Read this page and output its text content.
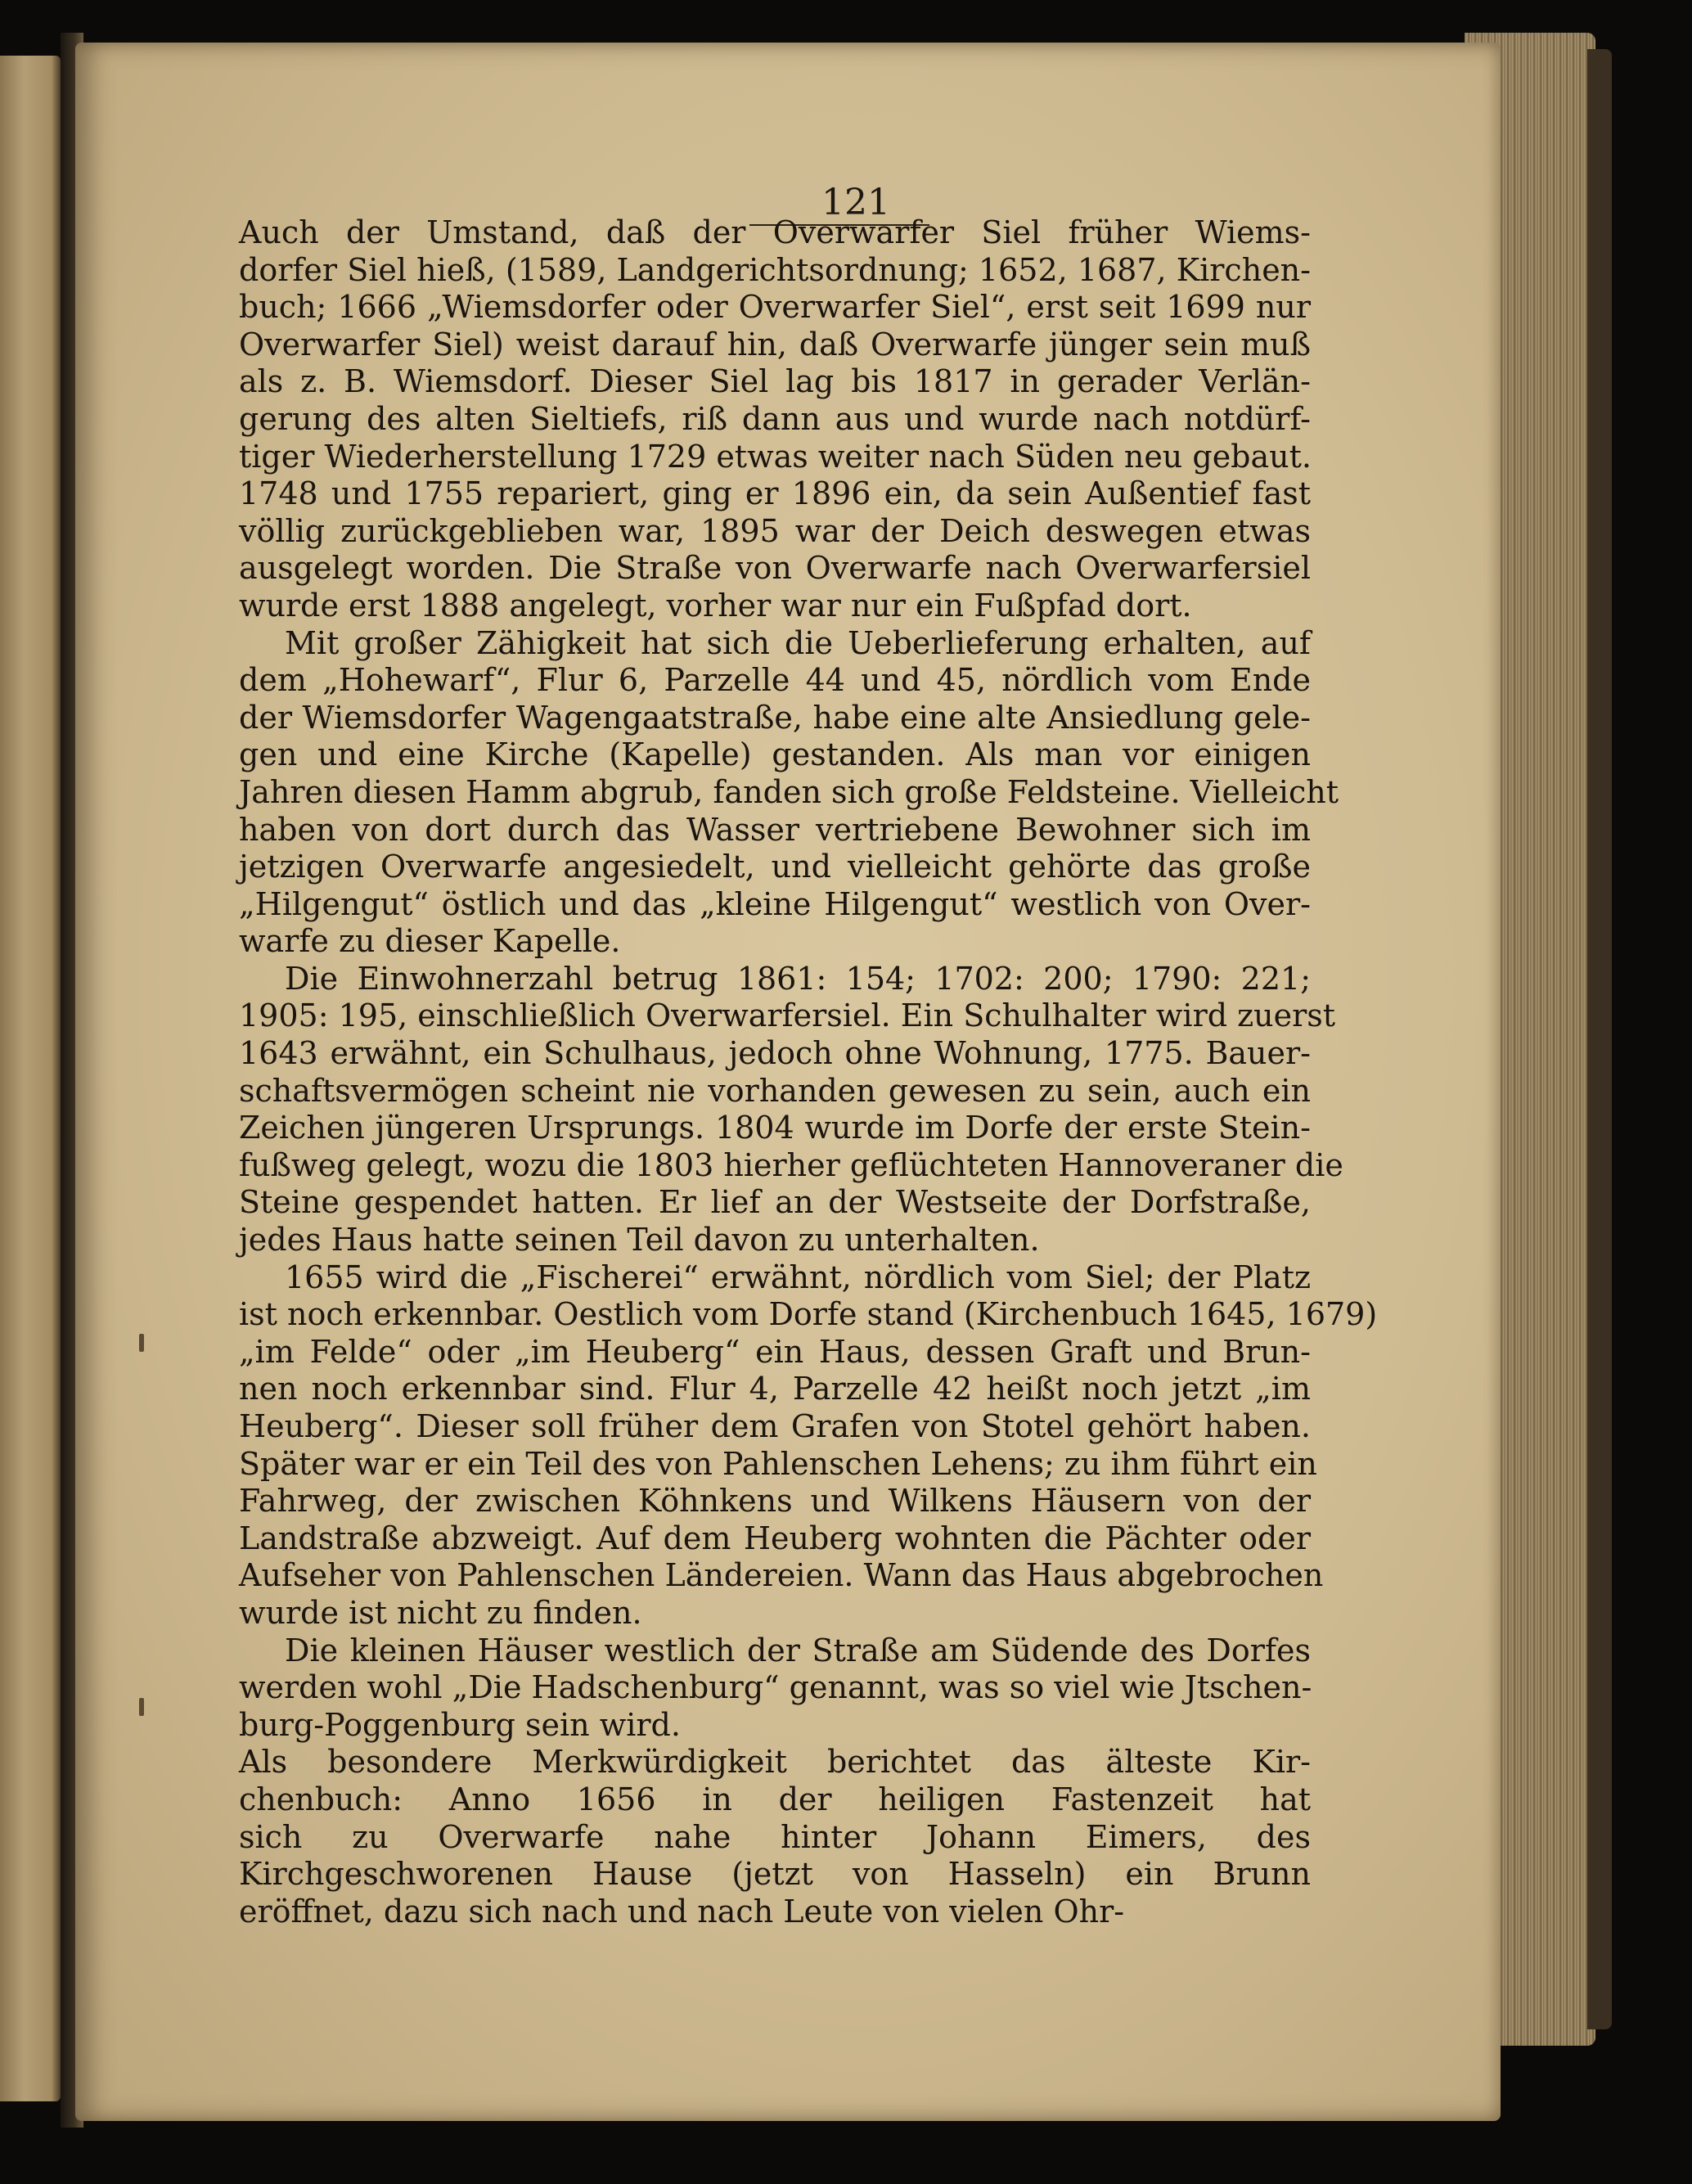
121

Auch der Umstand, daß der Overwarfer Siel früher Wiems-
dorfer Siel hieß, (1589, Landgerichtsordnung; 1652, 1687, Kirchen-
buch; 1666 „Wiemsdorfer oder Overwarfer Siel“, erst seit 1699 nur
Overwarfer Siel) weist darauf hin, daß Overwarfe jünger sein muß
als z. B. Wiemsdorf. Dieser Siel lag bis 1817 in gerader Verlän-
gerung des alten Sieltiefs, riß dann aus und wurde nach notdürf-
tiger Wiederherstellung 1729 etwas weiter nach Süden neu gebaut.
1748 und 1755 repariert, ging er 1896 ein, da sein Außentief fast
völlig zurückgeblieben war, 1895 war der Deich deswegen etwas
ausgelegt worden. Die Straße von Overwarfe nach Overwarfersiel
wurde erst 1888 angelegt, vorher war nur ein Fußpfad dort.

Mit großer Zähigkeit hat sich die Ueberlieferung erhalten, auf
dem „Hohewarf“, Flur 6, Parzelle 44 und 45, nördlich vom Ende
der Wiemsdorfer Wagengaatstraße, habe eine alte Ansiedlung gele-
gen und eine Kirche (Kapelle) gestanden. Als man vor einigen
Jahren diesen Hamm abgrub, fanden sich große Feldsteine. Vielleicht
haben von dort durch das Wasser vertriebene Bewohner sich im
jetzigen Overwarfe angesiedelt, und vielleicht gehörte das große
„Hilgengut“ östlich und das „kleine Hilgengut“ westlich von Over-
warfe zu dieser Kapelle.

Die Einwohnerzahl betrug 1861: 154; 1702: 200; 1790: 221;
1905: 195, einschließlich Overwarfersiel. Ein Schulhalter wird zuerst
1643 erwähnt, ein Schulhaus, jedoch ohne Wohnung, 1775. Bauer-
schaftsvermögen scheint nie vorhanden gewesen zu sein, auch ein
Zeichen jüngeren Ursprungs. 1804 wurde im Dorfe der erste Stein-
fußweg gelegt, wozu die 1803 hierher geflüchteten Hannoveraner die
Steine gespendet hatten. Er lief an der Westseite der Dorfstraße,
jedes Haus hatte seinen Teil davon zu unterhalten.

1655 wird die „Fischerei“ erwähnt, nördlich vom Siel; der Platz
ist noch erkennbar. Oestlich vom Dorfe stand (Kirchenbuch 1645, 1679)
„im Felde“ oder „im Heuberg“ ein Haus, dessen Graft und Brun-
nen noch erkennbar sind. Flur 4, Parzelle 42 heißt noch jetzt „im
Heuberg“. Dieser soll früher dem Grafen von Stotel gehört haben.
Später war er ein Teil des von Pahlenschen Lehens; zu ihm führt ein
Fahrweg, der zwischen Köhnkens und Wilkens Häusern von der
Landstraße abzweigt. Auf dem Heuberg wohnten die Pächter oder
Aufseher von Pahlenschen Ländereien. Wann das Haus abgebrochen
wurde ist nicht zu finden.

Die kleinen Häuser westlich der Straße am Südende des Dorfes
werden wohl „Die Hadschenburg“ genannt, was so viel wie Jtschen-
burg-Poggenburg sein wird.

Als besondere Merkwürdigkeit berichtet das älteste Kir-
chenbuch: Anno 1656 in der heiligen Fastenzeit hat
sich zu Overwarfe nahe hinter Johann Eimers, des
Kirchgeschworenen Hause (jetzt von Hasseln) ein Brunn
eröffnet, dazu sich nach und nach Leute von vielen Ohr-
